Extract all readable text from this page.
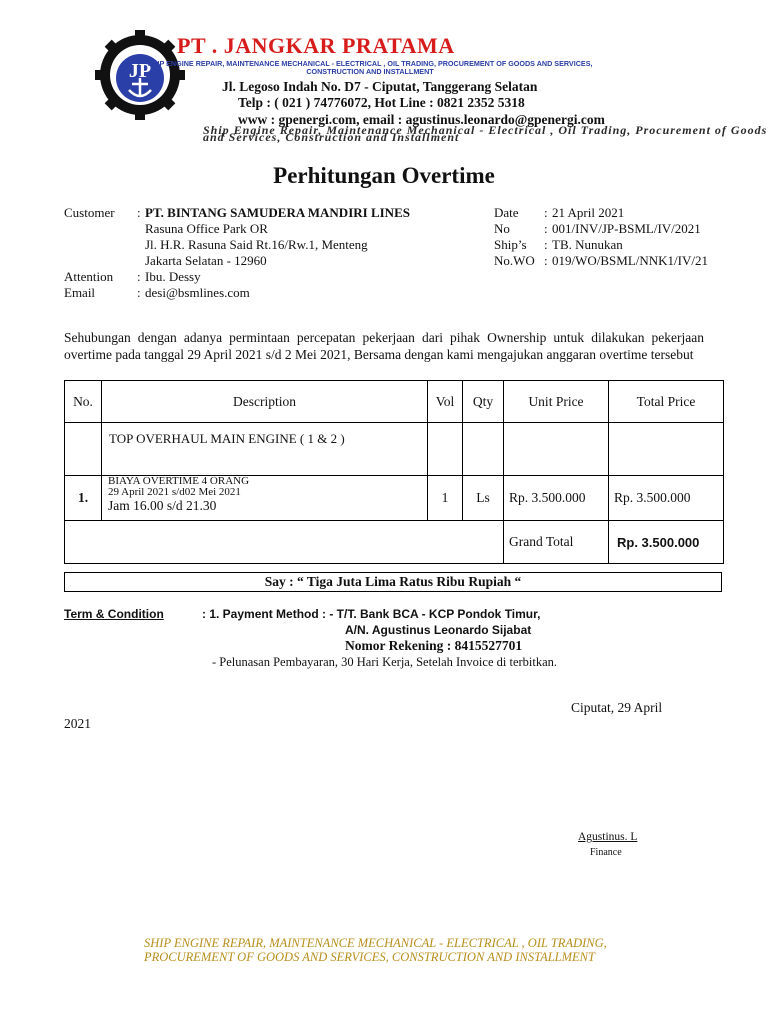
JP
PT . JANGKAR PRATAMA
SHIP ENGINE REPAIR, MAINTENANCE MECHANICAL - ELECTRICAL , OIL TRADING, PROCUREMENT OF GOODS AND SERVICES, CONSTRUCTION AND INSTALLMENT
Jl. Legoso Indah No. D7 - Ciputat, Tanggerang Selatan
Telp : ( 021 ) 74776072, Hot Line : 0821 2352 5318
www : gpenergi.com, email : agustinus.leonardo@gpenergi.com
Ship Engine Repair, Maintenance Mechanical - Electrical , Oil Trading, Procurement of Goods and Services, Construction and Installment
Perhitungan Overtime
Customer	:	PT. BINTANG SAMUDERA MANDIRI LINES
		Rasuna Office Park OR
		Jl. H.R. Rasuna Said Rt.16/Rw.1, Menteng
		Jakarta Selatan - 12960
Attention	:	Ibu. Dessy
Email	:	desi@bsmlines.com
Date	:	21 April 2021
No	:	001/INV/JP-BSML/IV/2021
Ship’s	:	TB. Nunukan
No.WO	:	019/WO/BSML/NNK1/IV/21
Sehubungan dengan adanya permintaan percepatan pekerjaan dari pihak Ownership untuk dilakukan pekerjaan overtime pada tanggal 29 April 2021 s/d 2 Mei 2021, Bersama dengan kami mengajukan anggaran overtime tersebut
No.	Description	Vol	Qty	Unit Price	Total Price
	TOP OVERHAUL MAIN ENGINE ( 1 & 2 )				
1.	BIAYA OVERTIME 4 ORANG
29 April 2021 s/d02 Mei 2021
Jam 16.00 s/d 21.30	1	Ls	Rp. 3.500.000	Rp. 3.500.000
				Grand Total	Rp. 3.500.000
Say : “ Tiga Juta Lima Ratus Ribu Rupiah “
Term & Condition	: 1. Payment Method : - T/T. Bank BCA - KCP Pondok Timur,
A/N. Agustinus Leonardo Sijabat
Nomor Rekening : 8415527701
- Pelunasan Pembayaran, 30 Hari Kerja, Setelah Invoice di terbitkan.
Ciputat, 29 April
2021
Agustinus. L
Finance
SHIP ENGINE REPAIR, MAINTENANCE MECHANICAL - ELECTRICAL , OIL TRADING,
PROCUREMENT OF GOODS AND SERVICES, CONSTRUCTION AND INSTALLMENT
